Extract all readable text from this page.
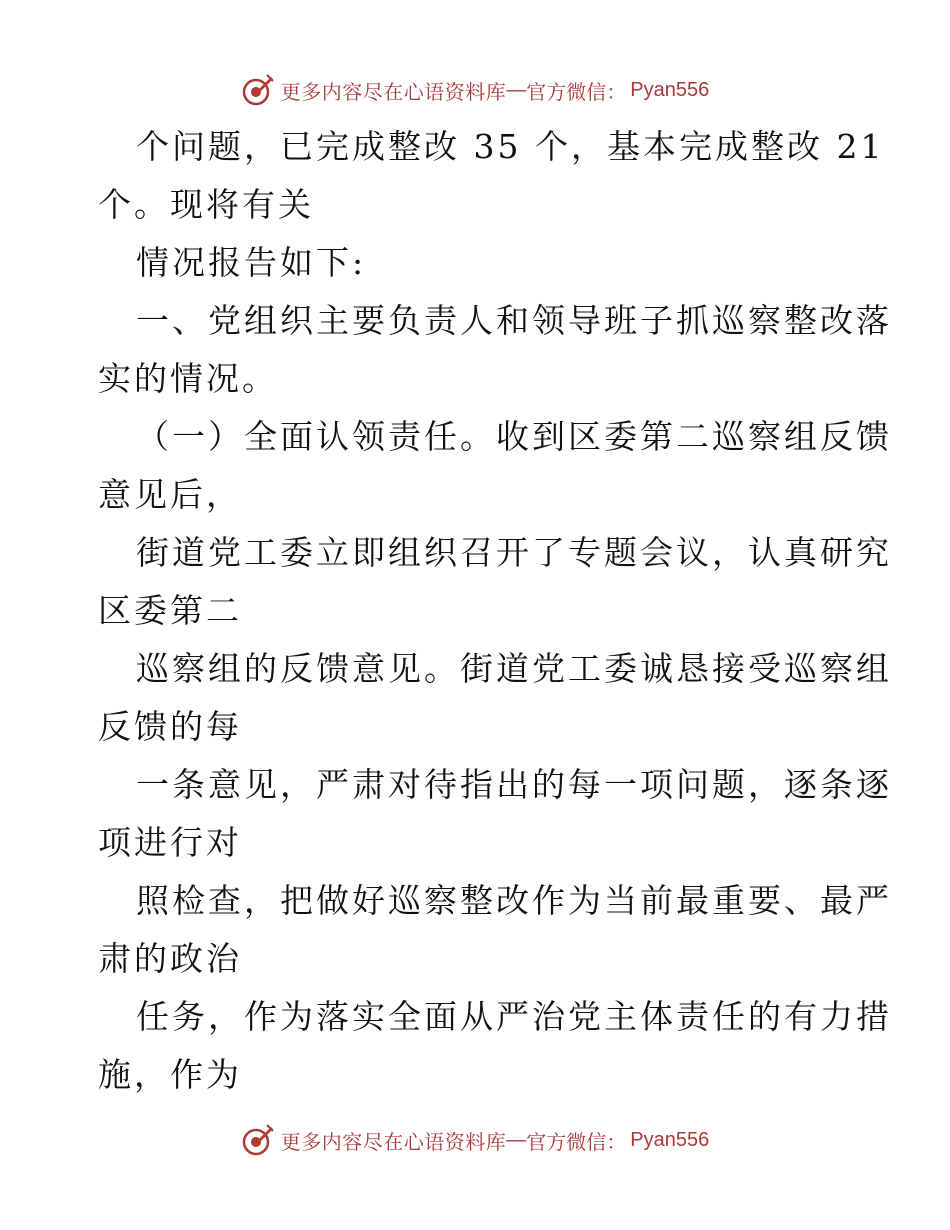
更多内容尽在心语资料库 — 官方微信： Pyan556
个问题，已完成整改 35 个，基本完成整改 21
个。现将有关
情况报告如下:
一、党组织主要负责人和领导班子抓巡察整改落
实的情况。
（一）全面认领责任。收到区委第二巡察组反馈
意见后，
街道党工委立即组织召开了专题会议，认真研究
区委第二
巡察组的反馈意见。街道党工委诚恳接受巡察组
反馈的每
一条意见，严肃对待指出的每一项问题，逐条逐
项进行对
照检查，把做好巡察整改作为当前最重要、最严
肃的政治
任务，作为落实全面从严治党主体责任的有力措
施，作为
更多内容尽在心语资料库 — 官方微信： Pyan556
